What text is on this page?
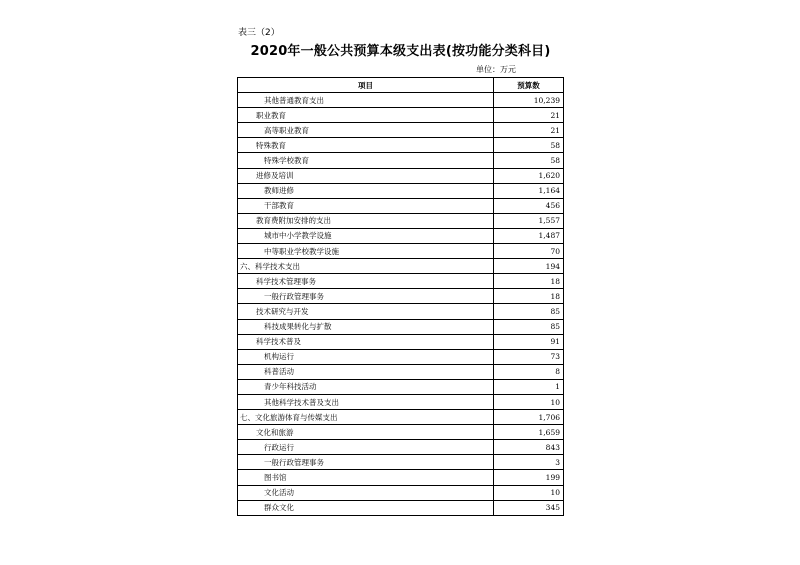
表三（2）
2020年一般公共预算本级支出表(按功能分类科目)
单位：万元
项目	预算数
其他普通教育支出	10,239
职业教育	21
高等职业教育	21
特殊教育	58
特殊学校教育	58
进修及培训	1,620
教师进修	1,164
干部教育	456
教育费附加安排的支出	1,557
城市中小学教学设施	1,487
中等职业学校教学设施	70
六、科学技术支出	194
科学技术管理事务	18
一般行政管理事务	18
技术研究与开发	85
科技成果转化与扩散	85
科学技术普及	91
机构运行	73
科普活动	8
青少年科技活动	1
其他科学技术普及支出	10
七、文化旅游体育与传媒支出	1,706
文化和旅游	1,659
行政运行	843
一般行政管理事务	3
图书馆	199
文化活动	10
群众文化	345
